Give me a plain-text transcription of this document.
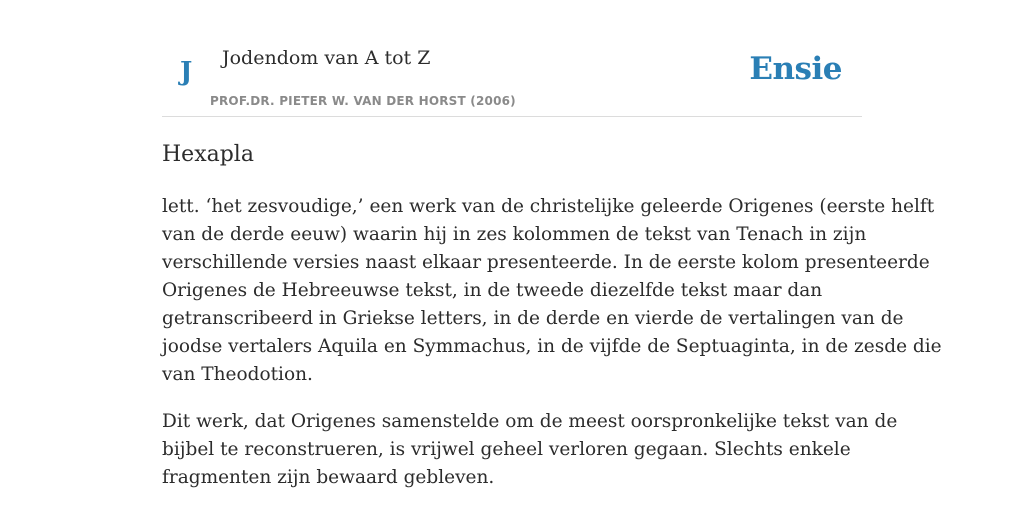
J Jodendom van A tot Z
PROF.DR. PIETER W. VAN DER HORST (2006)
Ensie
Hexapla

lett. ‘het zesvoudige,’ een werk van de christelijke geleerde Origenes (eerste helft
van de derde eeuw) waarin hij in zes kolommen de tekst van Tenach in zijn
verschillende versies naast elkaar presenteerde. In de eerste kolom presenteerde
Origenes de Hebreeuwse tekst, in de tweede diezelfde tekst maar dan
getranscribeerd in Griekse letters, in de derde en vierde de vertalingen van de
joodse vertalers Aquila en Symmachus, in de vijfde de Septuaginta, in de zesde die
van Theodotion.

Dit werk, dat Origenes samenstelde om de meest oorspronkelijke tekst van de
bijbel te reconstrueren, is vrijwel geheel verloren gegaan. Slechts enkele
fragmenten zijn bewaard gebleven.
